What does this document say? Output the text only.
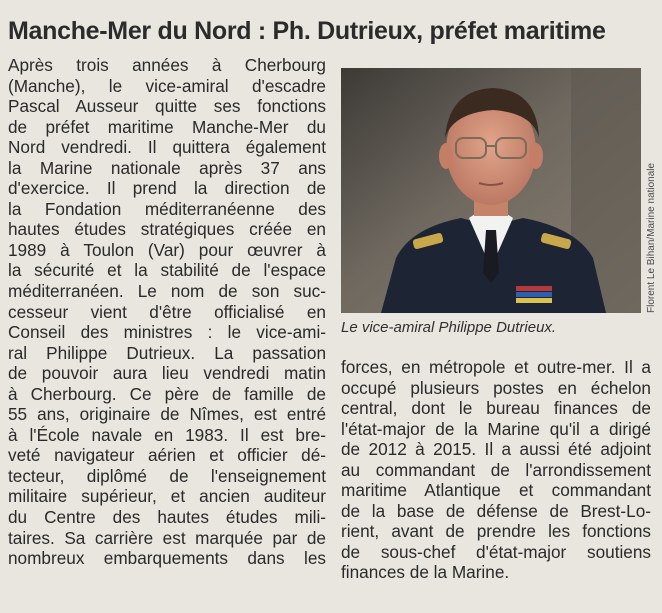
Manche-Mer du Nord : Ph. Dutrieux, préfet maritime
Après trois années à Cherbourg
(Manche), le vice-amiral d'escadre
Pascal Ausseur quitte ses fonctions
de préfet maritime Manche-Mer du
Nord vendredi. Il quittera également
la Marine nationale après 37 ans
d'exercice. Il prend la direction de
la Fondation méditerranéenne des
hautes études stratégiques créée en
1989 à Toulon (Var) pour œuvrer à
la sécurité et la stabilité de l'espace
méditerranéen. Le nom de son suc-
cesseur vient d'être officialisé en
Conseil des ministres : le vice-ami-
ral Philippe Dutrieux. La passation
de pouvoir aura lieu vendredi matin
à Cherbourg. Ce père de famille de
55 ans, originaire de Nîmes, est entré
à l'École navale en 1983. Il est bre-
veté navigateur aérien et officier dé-
tecteur, diplômé de l'enseignement
militaire supérieur, et ancien auditeur
du Centre des hautes études mili-
taires. Sa carrière est marquée par de
nombreux embarquements dans les
Florent Le Bihan/Marine nationale
Le vice-amiral Philippe Dutrieux.
forces, en métropole et outre-mer. Il a
occupé plusieurs postes en échelon
central, dont le bureau finances de
l'état-major de la Marine qu'il a dirigé
de 2012 à 2015. Il a aussi été adjoint
au commandant de l'arrondissement
maritime Atlantique et commandant
de la base de défense de Brest-Lo-
rient, avant de prendre les fonctions
de sous-chef d'état-major soutiens
finances de la Marine.
